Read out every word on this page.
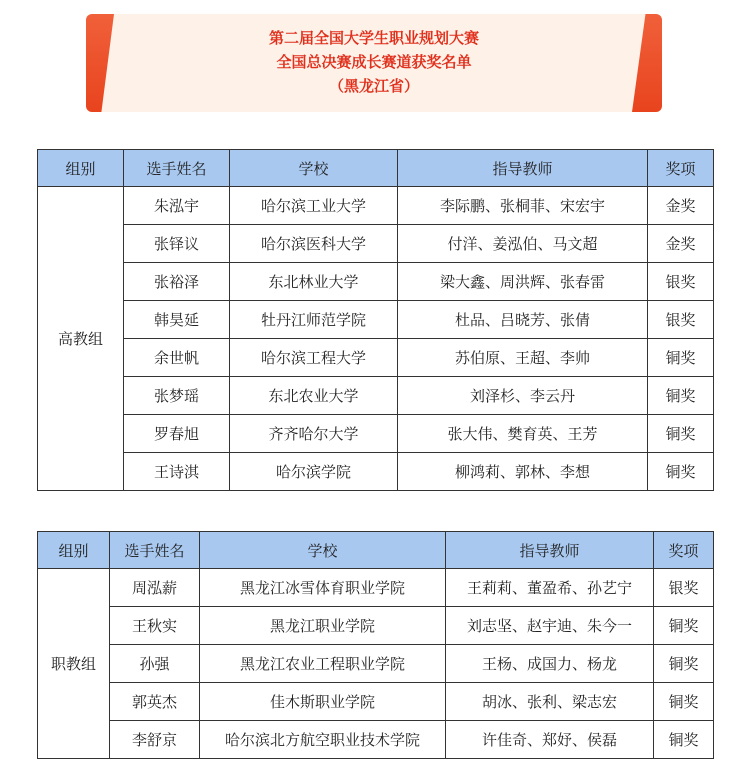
第二届全国大学生职业规划大赛
全国总决赛成长赛道获奖名单
（黑龙江省）
组别	选手姓名	学校	指导教师	奖项
高教组	朱泓宇	哈尔滨工业大学	李际鹏、张桐菲、宋宏宇	金奖
	张铎议	哈尔滨医科大学	付洋、姜泓伯、马文超	金奖
	张裕泽	东北林业大学	梁大鑫、周洪辉、张春雷	银奖
	韩昊延	牡丹江师范学院	杜品、吕晓芳、张倩	银奖
	余世帆	哈尔滨工程大学	苏伯原、王超、李帅	铜奖
	张梦瑶	东北农业大学	刘泽杉、李云丹	铜奖
	罗春旭	齐齐哈尔大学	张大伟、樊育英、王芳	铜奖
	王诗淇	哈尔滨学院	柳鸿莉、郭林、李想	铜奖
组别	选手姓名	学校	指导教师	奖项
职教组	周泓薪	黑龙江冰雪体育职业学院	王莉莉、董盈希、孙艺宁	银奖
	王秋实	黑龙江职业学院	刘志坚、赵宇迪、朱今一	铜奖
	孙强	黑龙江农业工程职业学院	王杨、成国力、杨龙	铜奖
	郭英杰	佳木斯职业学院	胡冰、张利、梁志宏	铜奖
	李舒京	哈尔滨北方航空职业技术学院	许佳奇、郑妤、侯磊	铜奖
